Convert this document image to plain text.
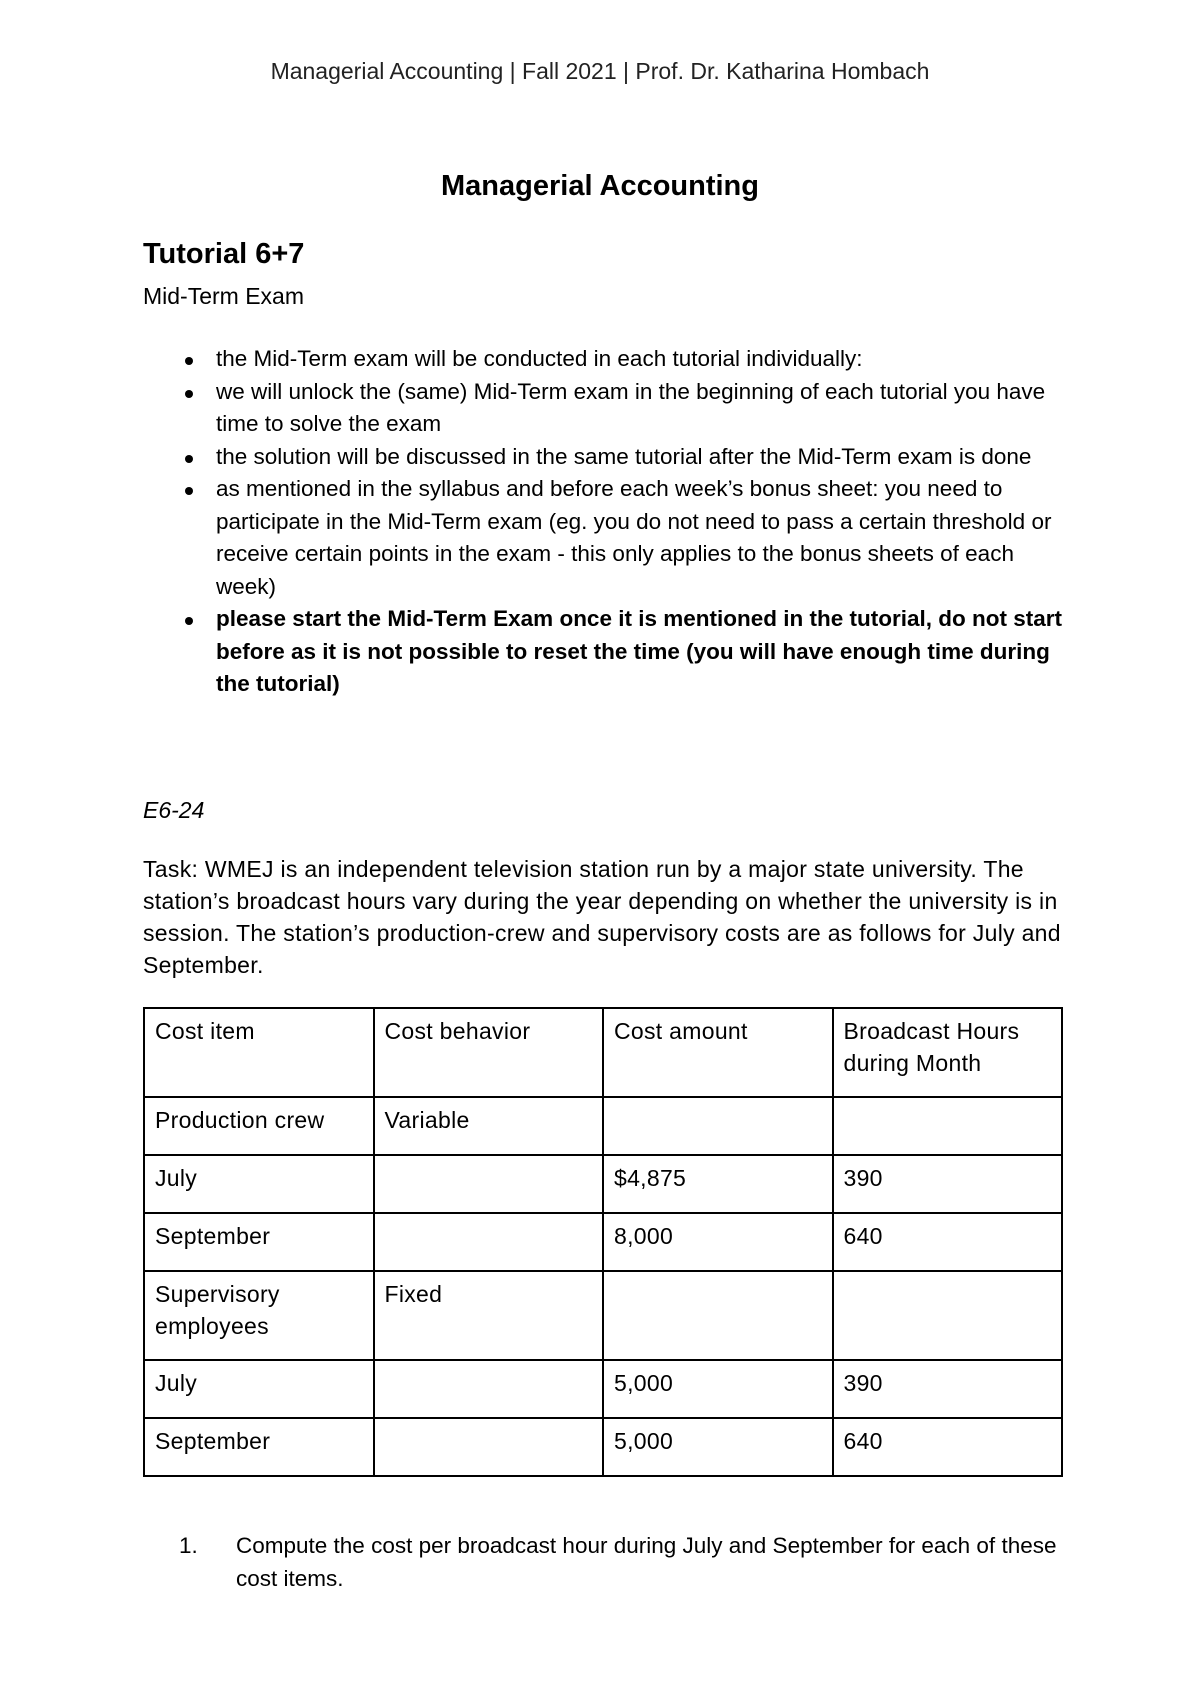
Managerial Accounting | Fall 2021 | Prof. Dr. Katharina Hombach
Managerial Accounting
Tutorial 6+7
Mid-Term Exam
the Mid-Term exam will be conducted in each tutorial individually:
we will unlock the (same) Mid-Term exam in the beginning of each tutorial you have time to solve the exam
the solution will be discussed in the same tutorial after the Mid-Term exam is done
as mentioned in the syllabus and before each week’s bonus sheet: you need to participate in the Mid-Term exam (eg. you do not need to pass a certain threshold or receive certain points in the exam - this only applies to the bonus sheets of each week)
please start the Mid-Term Exam once it is mentioned in the tutorial, do not start before as it is not possible to reset the time (you will have enough time during the tutorial)
E6-24
Task: WMEJ is an independent television station run by a major state university. The station’s broadcast hours vary during the year depending on whether the university is in session. The station’s production-crew and supervisory costs are as follows for July and September.
Cost item	Cost behavior	Cost amount	Broadcast Hours during Month
Production crew	Variable		
July		$4,875	390
September		8,000	640
Supervisory employees	Fixed		
July		5,000	390
September		5,000	640
1. Compute the cost per broadcast hour during July and September for each of these cost items.
